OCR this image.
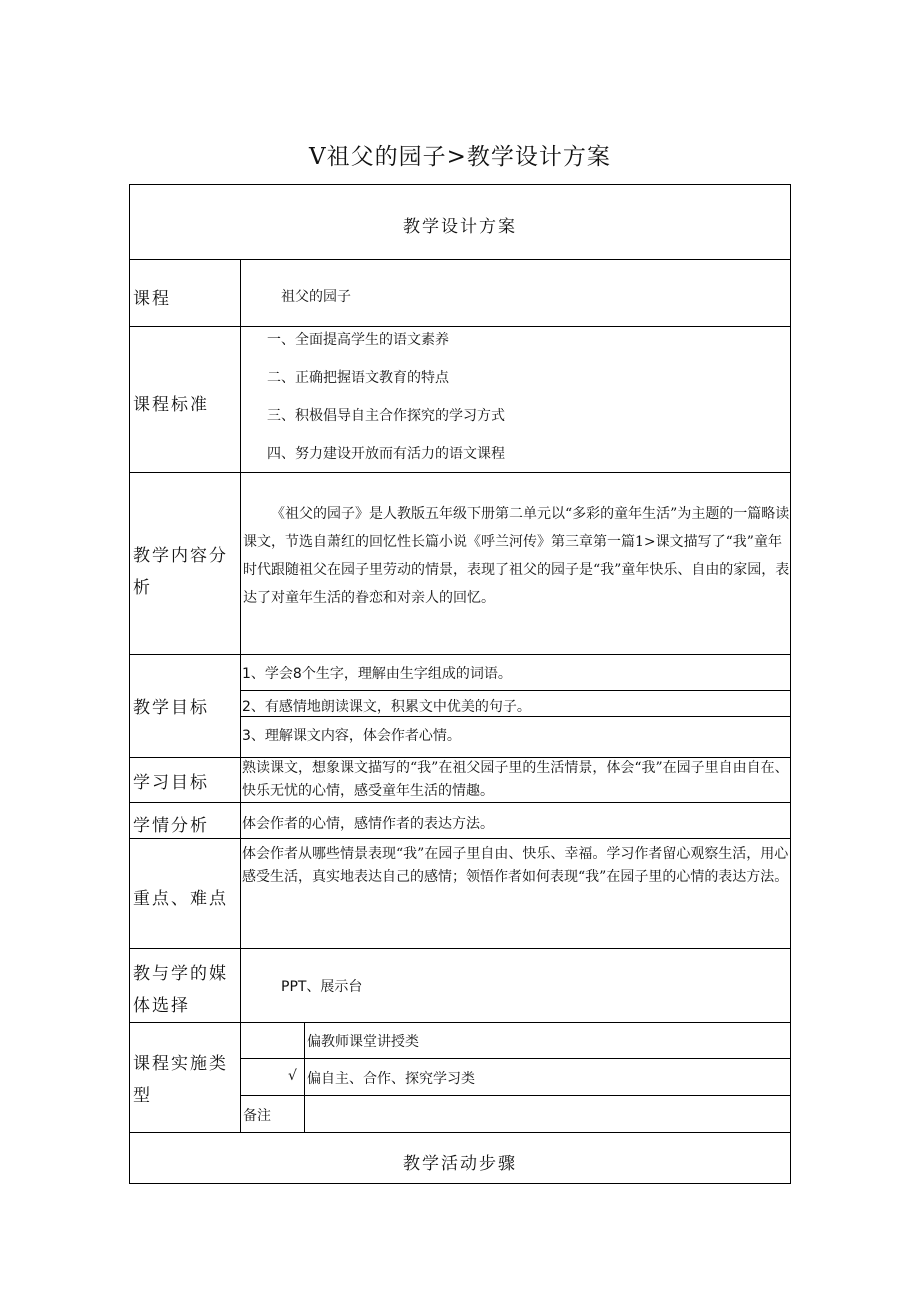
V祖父的园子>教学设计方案
教学设计方案
课程	祖父的园子
课程标准
一、全面提高学生的语文素养
二、正确把握语文教育的特点
三、积极倡导自主合作探究的学习方式
四、努力建设开放而有活力的语文课程
教学内容分析
《祖父的园子》是人教版五年级下册第二单元以“多彩的童年生活”为主题的一篇略读课文，节选自萧红的回忆性长篇小说《呼兰河传》第三章第一篇1>课文描写了“我”童年时代跟随祖父在园子里劳动的情景，表现了祖父的园子是“我”童年快乐、自由的家园，表达了对童年生活的眷恋和对亲人的回忆。
教学目标
1、学会8个生字，理解由生字组成的词语。
2、有感情地朗读课文，积累文中优美的句子。
3、理解课文内容，体会作者心情。
学习目标
熟读课文，想象课文描写的“我”在祖父园子里的生活情景，体会“我”在园子里自由自在、快乐无忧的心情，感受童年生活的情趣。
学情分析 体会作者的心情，感情作者的表达方法。
重点、难点
体会作者从哪些情景表现“我”在园子里自由、快乐、幸福。学习作者留心观察生活，用心感受生活，真实地表达自己的感情；领悟作者如何表现“我”在园子里的心情的表达方法。
教与学的媒体选择
PPT、展示台
课程实施类型
偏教师课堂讲授类
√ 偏自主、合作、探究学习类
备注
教学活动步骤
